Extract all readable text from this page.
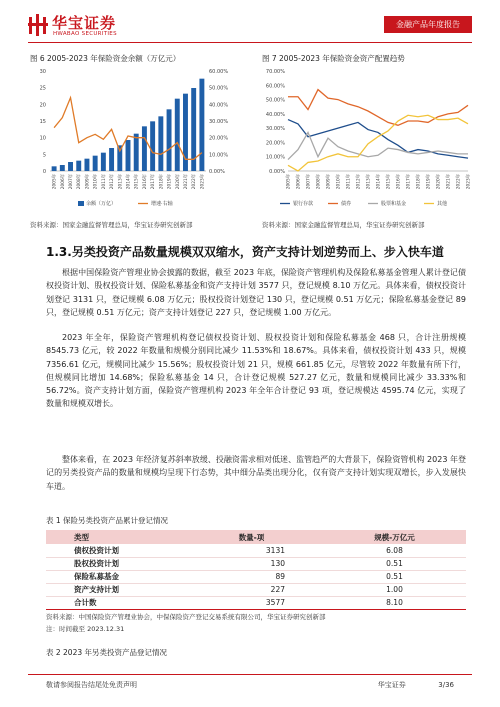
华宝证券
HWABAO SECURITIES
金融产品年度报告
图 6 2005-2023 年保险资金余额（万亿元）
0
5
10
15
20
25
30
0.00%
10.00%
20.00%
30.00%
40.00%
50.00%
60.00%
2005年 2006年 2007年 2008年 2009年 2010年 2011年 2012年 2013年 2014年 2015年 2016年 2017年 2018年 2019年 2020年 2021年 2022年 2023年
余额（万亿）	增速·右轴
资料来源：国家金融监督管理总局，华宝证券研究创新部
图 7 2005-2023 年保险资金资产配置趋势
0.00%
10.00%
20.00%
30.00%
40.00%
50.00%
60.00%
70.00%
2005年	2006年	2007年	2008年	2009年	2010年	2011年	2012年	2013年	2014年	2015年	2016年	2017年	2018年	2019年	2020年	2021年	2022年	2023年
银行存款	债券	股票和基金	其他
资料来源：国家金融监督管理总局，华宝证券研究创新部
1.3.另类投资产品数量规模双双缩水，资产支持计划逆势而上、步入快车道

根据中国保险资产管理业协会披露的数据，截至 2023 年底，保险资产管理机构及保险私募基金管理人累计登记债权投资计划、股权投资计划、保险私募基金和资产支持计划 3577 只，登记规模 8.10 万亿元。具体来看，债权投资计划登记 3131 只，登记规模 6.08 万亿元；股权投资计划登记 130 只，登记规模 0.51 万亿元；保险私募基金登记 89 只，登记规模 0.51 万亿元；资产支持计划登记 227 只，登记规模 1.00 万亿元。

2023 年全年，保险资产管理机构登记债权投资计划、股权投资计划和保险私募基金 468 只，合计注册规模 8545.73 亿元，较 2022 年数量和规模分别同比减少 11.53%和 18.67%。具体来看，债权投资计划 433 只，规模 7356.61 亿元，规模同比减少 15.56%；股权投资计划 21 只，规模 661.85 亿元，尽管较 2022 年数量有所下行，但规模同比增加 14.68%；保险私募基金 14 只，合计登记规模 527.27 亿元，数量和规模同比减少 33.33%和 56.72%。资产支持计划方面，保险资产管理机构 2023 年全年合计登记 93 项，登记规模达 4595.74 亿元，实现了数量和规模双增长。

整体来看，在 2023 年经济复苏斜率放缓、投融资需求相对低迷、监管趋严的大背景下，保险资管机构 2023 年登记的另类投资产品的数量和规模均呈现下行态势，其中细分品类出现分化，仅有资产支持计划实现双增长，步入发展快车道。

表 1 保险另类投资产品累计登记情况
类型	数量-项	规模-万亿元
债权投资计划	3131	6.08
股权投资计划	130	0.51
保险私募基金	89	0.51
资产支持计划	227	1.00
合计数	3577	8.10
资料来源：中国保险资产管理业协会，中保保险资产登记交易系统有限公司，华宝证券研究创新部
注：时间截至 2023.12.31
表 2 2023 年另类投资产品登记情况
敬请参阅报告结尾处免责声明	华宝证券	3/36
